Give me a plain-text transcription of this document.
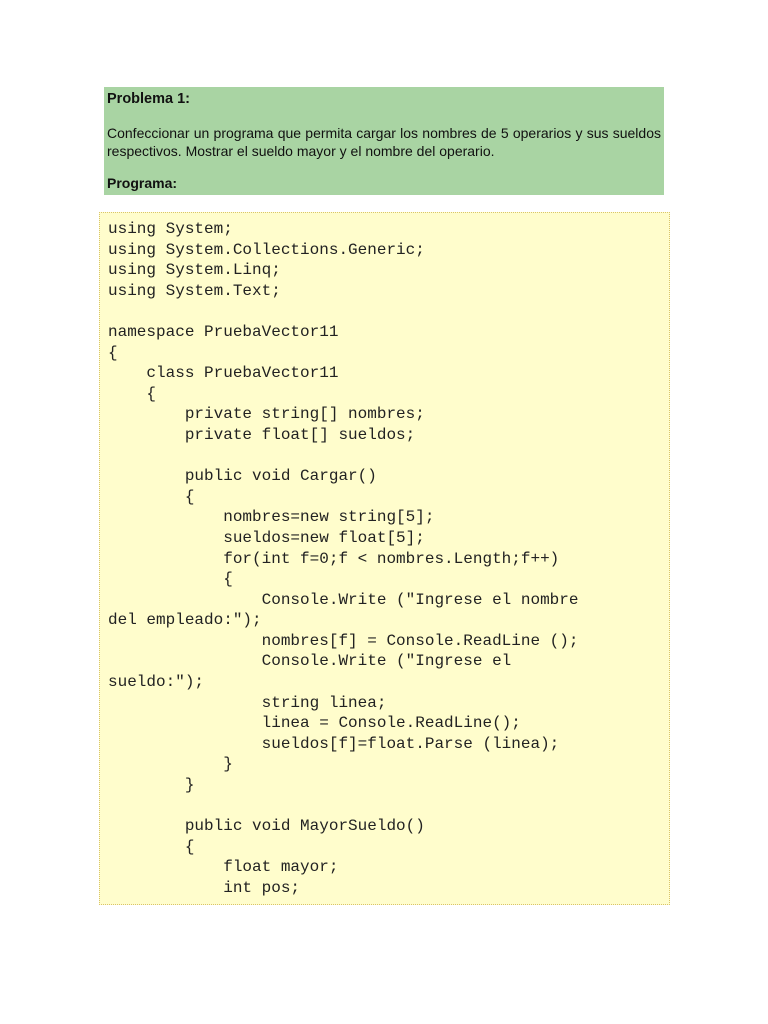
Problema 1:

Confeccionar un programa que permita cargar los nombres de 5 operarios y sus sueldos respectivos. Mostrar el sueldo mayor y el nombre del operario.

Programa:

using System;
using System.Collections.Generic;
using System.Linq;
using System.Text;

namespace PruebaVector11
{
class PruebaVector11
{
private string[] nombres;
private float[] sueldos;

public void Cargar()
{
nombres=new string[5];
sueldos=new float[5];
for(int f=0;f < nombres.Length;f++)
{
Console.Write ("Ingrese el nombre
del empleado:");
nombres[f] = Console.ReadLine ();
Console.Write ("Ingrese el
sueldo:");
string linea;
linea = Console.ReadLine();
sueldos[f]=float.Parse (linea);
}
}

public void MayorSueldo()
{
float mayor;
int pos;
